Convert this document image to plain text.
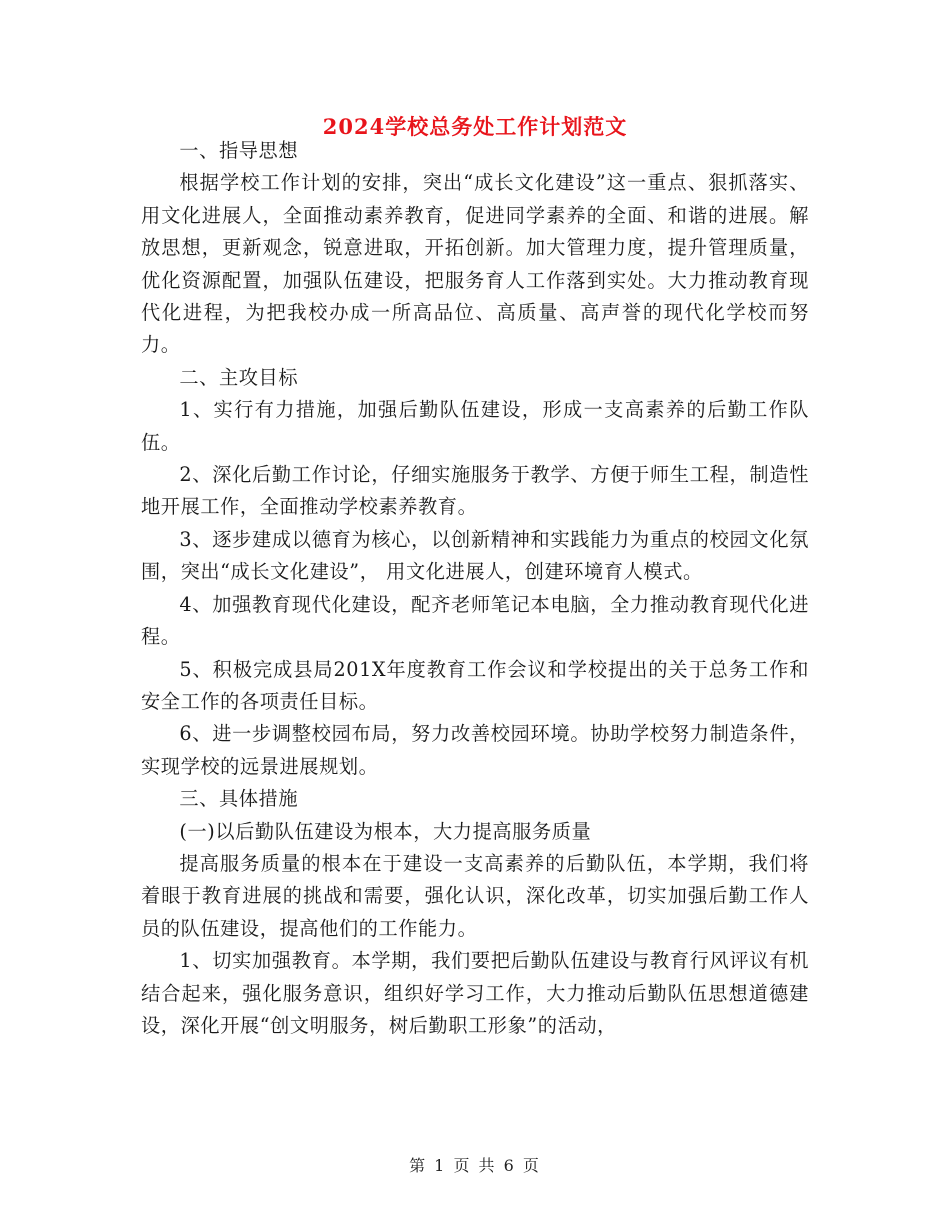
2024学校总务处工作计划范文

一、指导思想

根据学校工作计划的安排，突出“成长文化建设”这一重点、狠抓落实、用文化进展人，全面推动素养教育，促进同学素养的全面、和谐的进展。解放思想，更新观念，锐意进取，开拓创新。加大管理力度，提升管理质量，优化资源配置，加强队伍建设，把服务育人工作落到实处。大力推动教育现代化进程，为把我校办成一所高品位、高质量、高声誉的现代化学校而努力。

二、主攻目标

1、实行有力措施，加强后勤队伍建设，形成一支高素养的后勤工作队伍。

2、深化后勤工作讨论，仔细实施服务于教学、方便于师生工程，制造性地开展工作，全面推动学校素养教育。

3、逐步建成以德育为核心，以创新精神和实践能力为重点的校园文化氛围，突出“成长文化建设”， 用文化进展人，创建环境育人模式。

4、加强教育现代化建设，配齐老师笔记本电脑，全力推动教育现代化进程。

5、积极完成县局201X年度教育工作会议和学校提出的关于总务工作和安全工作的各项责任目标。

6、进一步调整校园布局，努力改善校园环境。协助学校努力制造条件，实现学校的远景进展规划。

三、具体措施

(一)以后勤队伍建设为根本，大力提高服务质量

提高服务质量的根本在于建设一支高素养的后勤队伍，本学期，我们将着眼于教育进展的挑战和需要，强化认识，深化改革，切实加强后勤工作人员的队伍建设，提高他们的工作能力。

1、切实加强教育。本学期，我们要把后勤队伍建设与教育行风评议有机结合起来，强化服务意识，组织好学习工作，大力推动后勤队伍思想道德建设，深化开展“创文明服务，树后勤职工形象”的活动，

第 1 页 共 6 页
